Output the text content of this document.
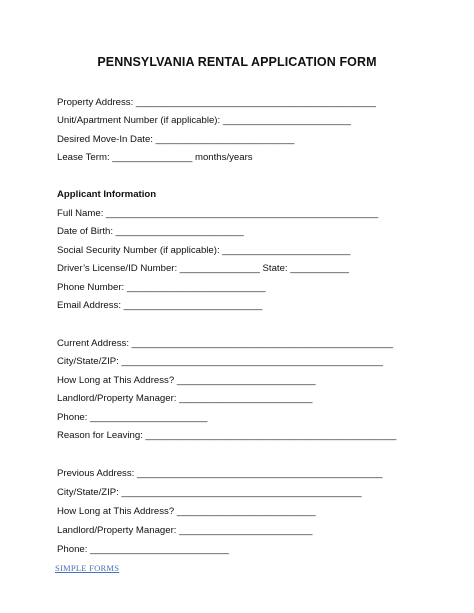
PENNSYLVANIA RENTAL APPLICATION FORM
Property Address: _____________________________________________
Unit/Apartment Number (if applicable): ________________________
Desired Move-In Date: __________________________
Lease Term: _______________ months/years
Applicant Information
Full Name: ___________________________________________________
Date of Birth: ________________________
Social Security Number (if applicable): ________________________
Driver’s License/ID Number: _______________ State: ___________
Phone Number: __________________________
Email Address: __________________________
Current Address: _________________________________________________
City/State/ZIP: _________________________________________________
How Long at This Address? __________________________
Landlord/Property Manager: _________________________
Phone: ______________________
Reason for Leaving: _______________________________________________
Previous Address: ______________________________________________
City/State/ZIP: _____________________________________________
How Long at This Address? __________________________
Landlord/Property Manager: _________________________
Phone: __________________________
SIMPLE FORMS
